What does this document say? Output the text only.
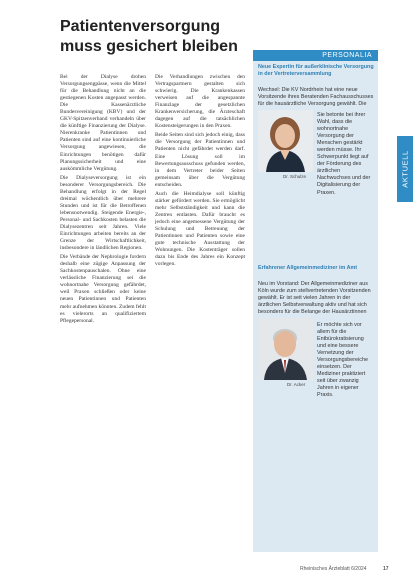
Patientenversorgung muss gesichert bleiben

Bei der Dialyse drohen Versorgungsengpässe, wenn die Mittel für die Behandlung nicht an die gestiegenen Kosten angepasst werden. Die Kassenärztliche Bundesvereinigung (KBV) und der GKV-Spitzenverband verhandeln über die künftige Finanzierung der Dialyse. Nierenkranke Patientinnen und Patienten sind auf eine kontinuierliche Versorgung angewiesen, die Einrichtungen benötigen dafür Planungssicherheit und eine auskömmliche Vergütung.

Die Dialyseversorgung ist ein besonderer Versorgungsbereich. Die Behandlung erfolgt in der Regel dreimal wöchentlich über mehrere Stunden und ist für die Betroffenen lebensnotwendig. Steigende Energie-, Personal- und Sachkosten belasten die Dialysezentren seit Jahren. Viele Einrichtungen arbeiten bereits an der Grenze der Wirtschaftlichkeit, insbesondere in ländlichen Regionen.

Die Verbände der Nephrologie fordern deshalb eine zügige Anpassung der Sachkostenpauschalen. Ohne eine verlässliche Finanzierung sei die wohnortnahe Versorgung gefährdet, weil Praxen schließen oder keine neuen Patientinnen und Patienten mehr aufnehmen könnten. Zudem fehlt es vielerorts an qualifiziertem Pflegepersonal.

Die Verhandlungen zwischen den Vertragspartnern gestalten sich schwierig. Die Krankenkassen verweisen auf die angespannte Finanzlage der gesetzlichen Krankenversicherung, die Ärzteschaft dagegen auf die tatsächlichen Kostensteigerungen in den Praxen.

Beide Seiten sind sich jedoch einig, dass die Versorgung der Patientinnen und Patienten nicht gefährdet werden darf. Eine Lösung soll im Bewertungsausschuss gefunden werden, in dem Vertreter beider Seiten gemeinsam über die Vergütung entscheiden.

Auch die Heimdialyse soll künftig stärker gefördert werden. Sie ermöglicht mehr Selbstständigkeit und kann die Zentren entlasten. Dafür braucht es jedoch eine angemessene Vergütung der Schulung und Betreuung der Patientinnen und Patienten sowie eine gute technische Ausstattung der Wohnungen. Die Kostenträger sollen dazu bis Ende des Jahres ein Konzept vorlegen.

PERSONALIA
Neue Expertin für außerklinische Versorgung in der Vertreterversammlung

Wechsel: Die KV Nordrhein hat eine neue Vorsitzende ihres Beratenden Fachausschusses für die hausärztliche Versorgung gewählt. Die

Dr. Schulze

Sie betonte bei ihrer Wahl, dass die wohnortnahe Versorgung der Menschen gestärkt werden müsse. Ihr Schwerpunkt liegt auf der Förderung des ärztlichen Nachwuchses und der Digitalisierung der Praxen.

Erfahrener Allgemeinmediziner im Amt

Neu im Vorstand: Der Allgemeinmediziner aus Köln wurde zum stellvertretenden Vorsitzenden gewählt. Er ist seit vielen Jahren in der ärztlichen Selbstverwaltung aktiv und hat sich besonders für die Belange der Hausärztinnen

Dr. Acker

Er möchte sich vor allem für die Entbürokratisierung und eine bessere Vernetzung der Versorgungsbereiche einsetzen. Der Mediziner praktiziert seit über zwanzig Jahren in eigener Praxis.

AKTUELL
Rheinisches Ärzteblatt 6/2024	17
